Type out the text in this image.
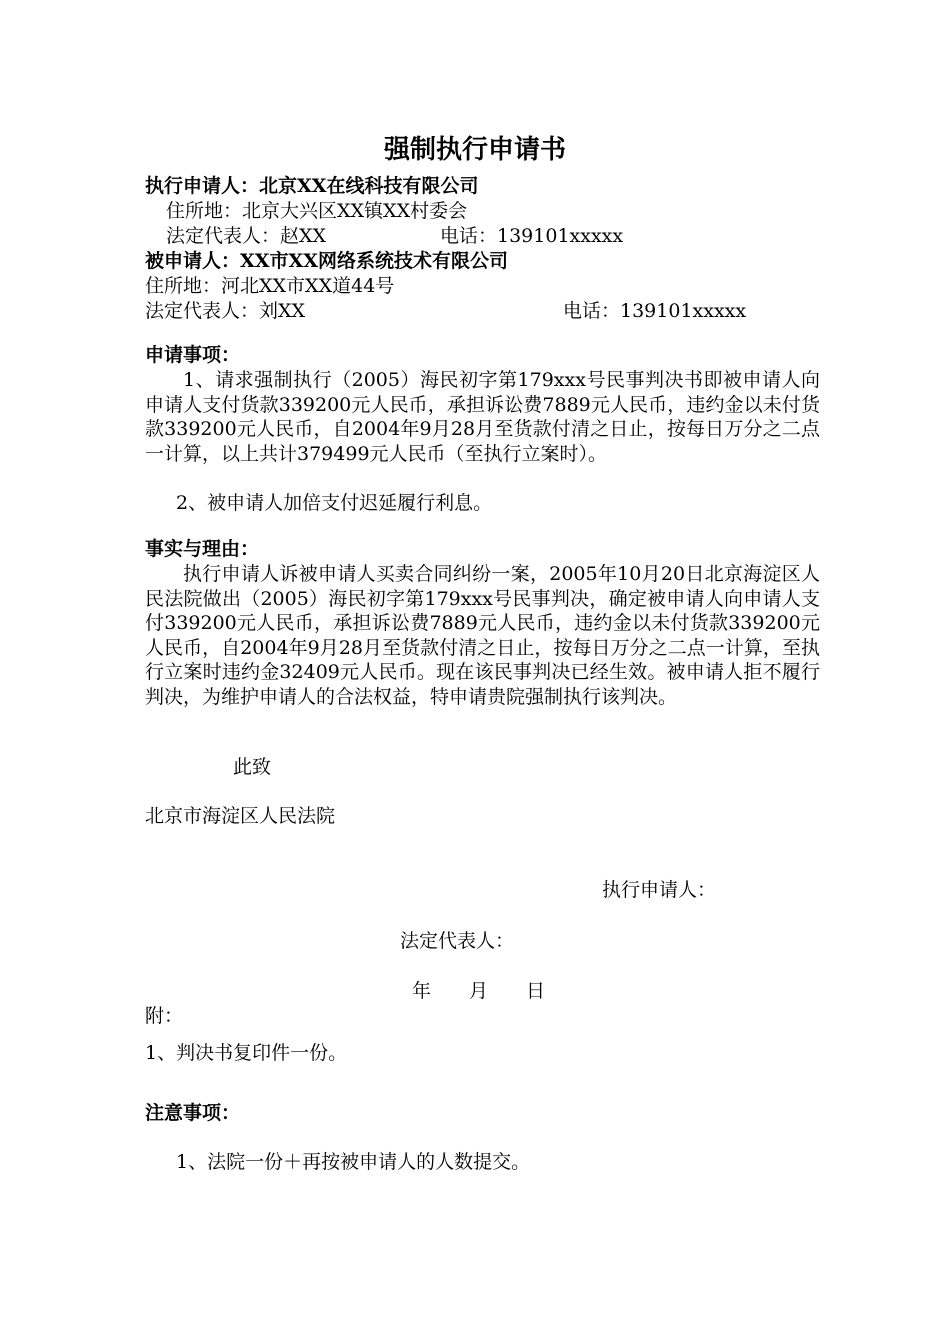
强制执行申请书
执行申请人：北京XX在线科技有限公司
住所地：北京大兴区XX镇XX村委会
法定代表人：赵XX	电话：139101xxxxx
被申请人：XX市XX网络系统技术有限公司
住所地：河北XX市XX道44号
法定代表人：刘XX	电话：139101xxxxx
申请事项：
1、请求强制执行（2005）海民初字第179xxx号民事判决书即被申请人向申请人支付货款339200元人民币，承担诉讼费7889元人民币，违约金以未付货款339200元人民币，自2004年9月28月至货款付清之日止，按每日万分之二点一计算，以上共计379499元人民币（至执行立案时）。
2、被申请人加倍支付迟延履行利息。
事实与理由：
执行申请人诉被申请人买卖合同纠纷一案，2005年10月20日北京海淀区人民法院做出（2005）海民初字第179xxx号民事判决，确定被申请人向申请人支付339200元人民币，承担诉讼费7889元人民币，违约金以未付货款339200元人民币，自2004年9月28月至货款付清之日止，按每日万分之二点一计算，至执行立案时违约金32409元人民币。现在该民事判决已经生效。被申请人拒不履行判决，为维护申请人的合法权益，特申请贵院强制执行该判决。
此致
北京市海淀区人民法院
执行申请人：
法定代表人：
年　　月　　日
附：
1、判决书复印件一份。
注意事项：
1、法院一份＋再按被申请人的人数提交。
